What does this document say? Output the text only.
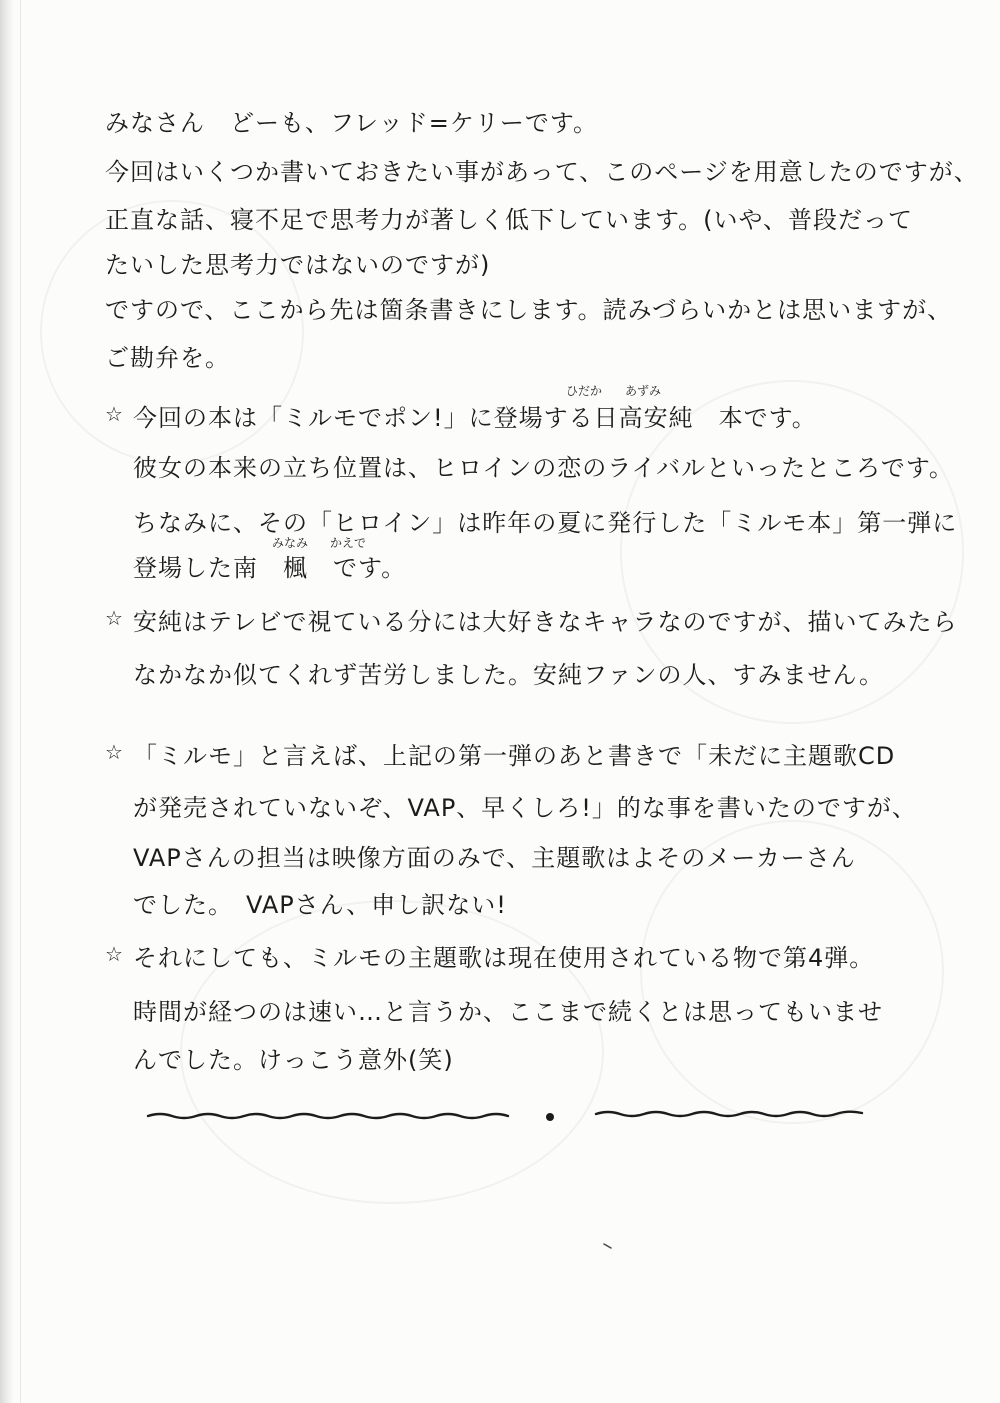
みなさん　どーも、フレッド=ケリーです。
今回はいくつか書いておきたい事があって、このページを用意したのですが、
正直な話、寝不足で思考力が著しく低下しています。(いや、普段だって
たいした思考力ではないのですが)
ですので、ここから先は箇条書きにします。読みづらいかとは思いますが、
ご勘弁を。
☆
ひだか あずみ
今回の本は「ミルモでポン!」に登場する日高安純　本です。
彼女の本来の立ち位置は、ヒロインの恋のライバルといったところです。
ちなみに、その「ヒロイン」は昨年の夏に発行した「ミルモ本」第一弾に
みなみ かえで
登場した南　楓　です。
☆ 安純はテレビで視ている分には大好きなキャラなのですが、描いてみたら
なかなか似てくれず苦労しました。安純ファンの人、すみません。
☆ 「ミルモ」と言えば、上記の第一弾のあと書きで「未だに主題歌CD
が発売されていないぞ、VAP、早くしろ!」的な事を書いたのですが、
VAPさんの担当は映像方面のみで、主題歌はよそのメーカーさん
でした。　VAPさん、申し訳ない!
☆ それにしても、ミルモの主題歌は現在使用されている物で第4弾。
時間が経つのは速い…と言うか、ここまで続くとは思ってもいませ
んでした。けっこう意外(笑)
